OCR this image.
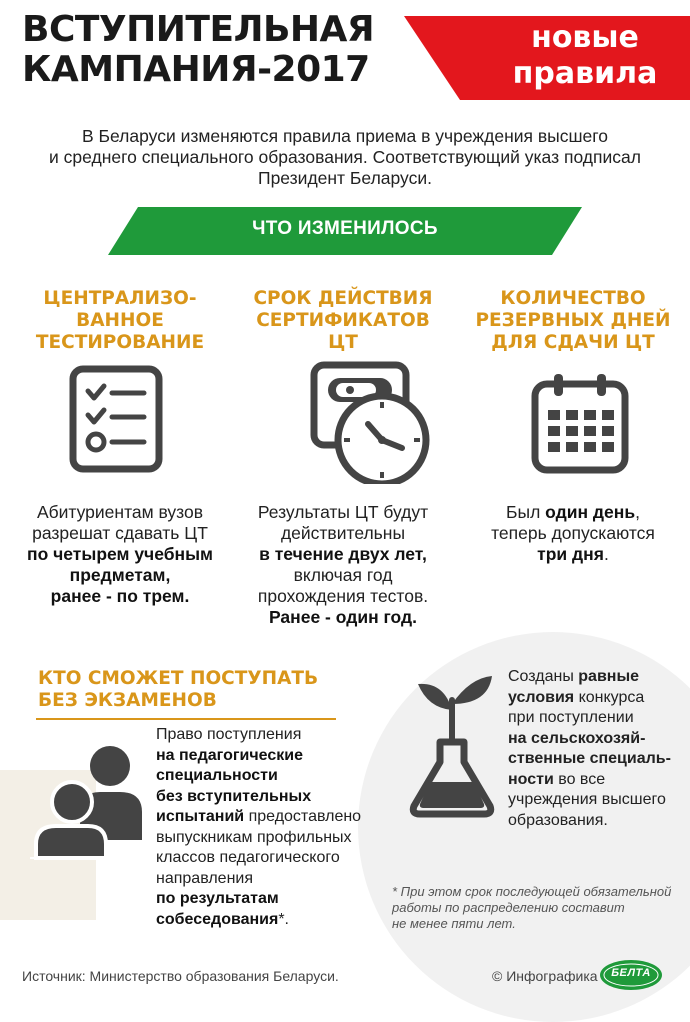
ВСТУПИТЕЛЬНАЯ
КАМПАНИЯ-2017
новые
правила

В Беларуси изменяются правила приема в учреждения высшего
и среднего специального образования. Соответствующий указ подписал
Президент Беларуси.

ЧТО ИЗМЕНИЛОСЬ
ЦЕНТРАЛИЗО-
ВАННОЕ
ТЕСТИРОВАНИЕ
Абитуриентам вузов
разрешат сдавать ЦТ
по четырем учебным
предметам,
ранее - по трем.
СРОК ДЕЙСТВИЯ
СЕРТИФИКАТОВ
ЦТ
Результаты ЦТ будут
действительны
в течение двух лет,
включая год
прохождения тестов.
Ранее - один год.
КОЛИЧЕСТВО
РЕЗЕРВНЫХ ДНЕЙ
ДЛЯ СДАЧИ ЦТ
Был один день,
теперь допускаются
три дня.
КТО СМОЖЕТ ПОСТУПАТЬ
БЕЗ ЭКЗАМЕНОВ
Право поступления
на педагогические
специальности
без вступительных
испытаний предоставлено
выпускникам профильных
классов педагогического
направления
по результатам
собеседования*.
Созданы равные
условия конкурса
при поступлении
на сельскохозяй-
ственные специаль-
ности во все
учреждения высшего
образования.
* При этом срок последующей обязательной
работы по распределению составит
не менее пяти лет.
Источник: Министерство образования Беларуси.	© Инфографика	БЕЛТА
